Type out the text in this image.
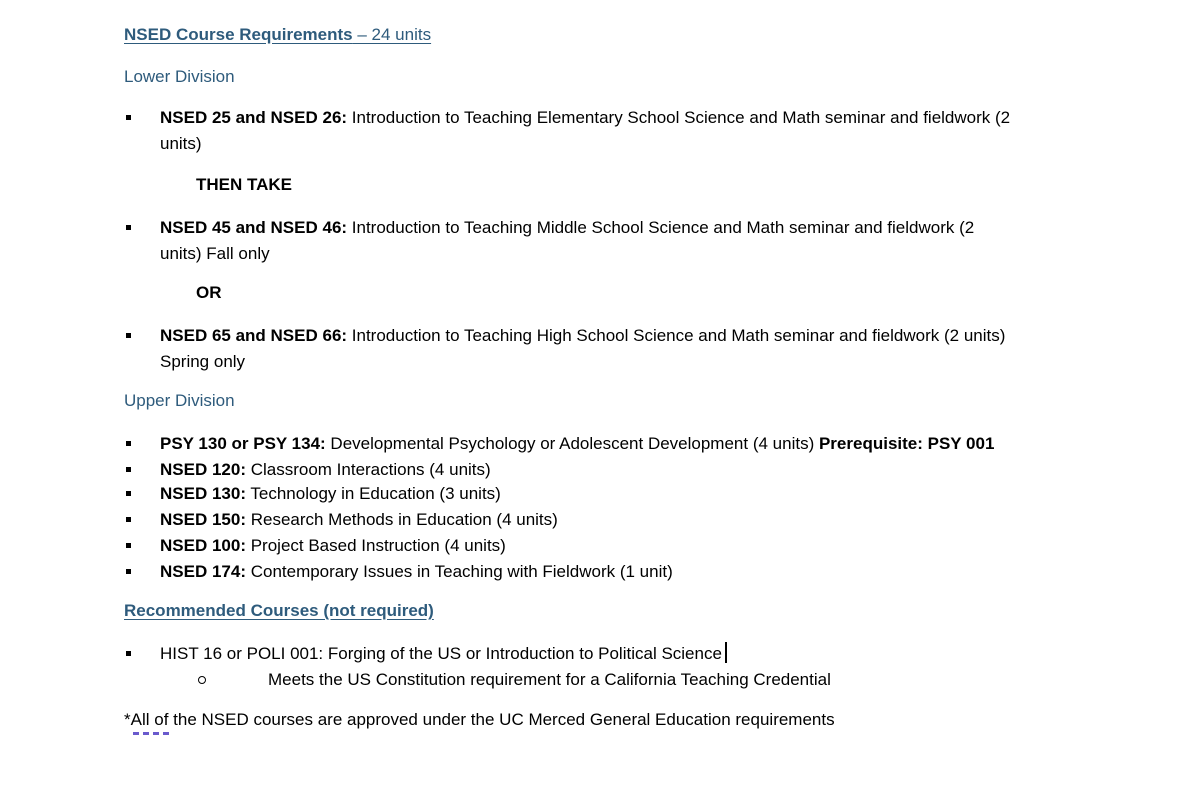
NSED Course Requirements – 24 units
Lower Division
NSED 25 and NSED 26: Introduction to Teaching Elementary School Science and Math seminar and fieldwork (2
units)
THEN TAKE
NSED 45 and NSED 46: Introduction to Teaching Middle School Science and Math seminar and fieldwork (2
units) Fall only
OR
NSED 65 and NSED 66: Introduction to Teaching High School Science and Math seminar and fieldwork (2 units)
Spring only
Upper Division
PSY 130 or PSY 134: Developmental Psychology or Adolescent Development (4 units) Prerequisite: PSY 001
NSED 120: Classroom Interactions (4 units)
NSED 130: Technology in Education (3 units)
NSED 150: Research Methods in Education (4 units)
NSED 100: Project Based Instruction (4 units)
NSED 174: Contemporary Issues in Teaching with Fieldwork (1 unit)
Recommended Courses (not required)
HIST 16 or POLI 001: Forging of the US or Introduction to Political Science
Meets the US Constitution requirement for a California Teaching Credential
*All of the NSED courses are approved under the UC Merced General Education requirements
